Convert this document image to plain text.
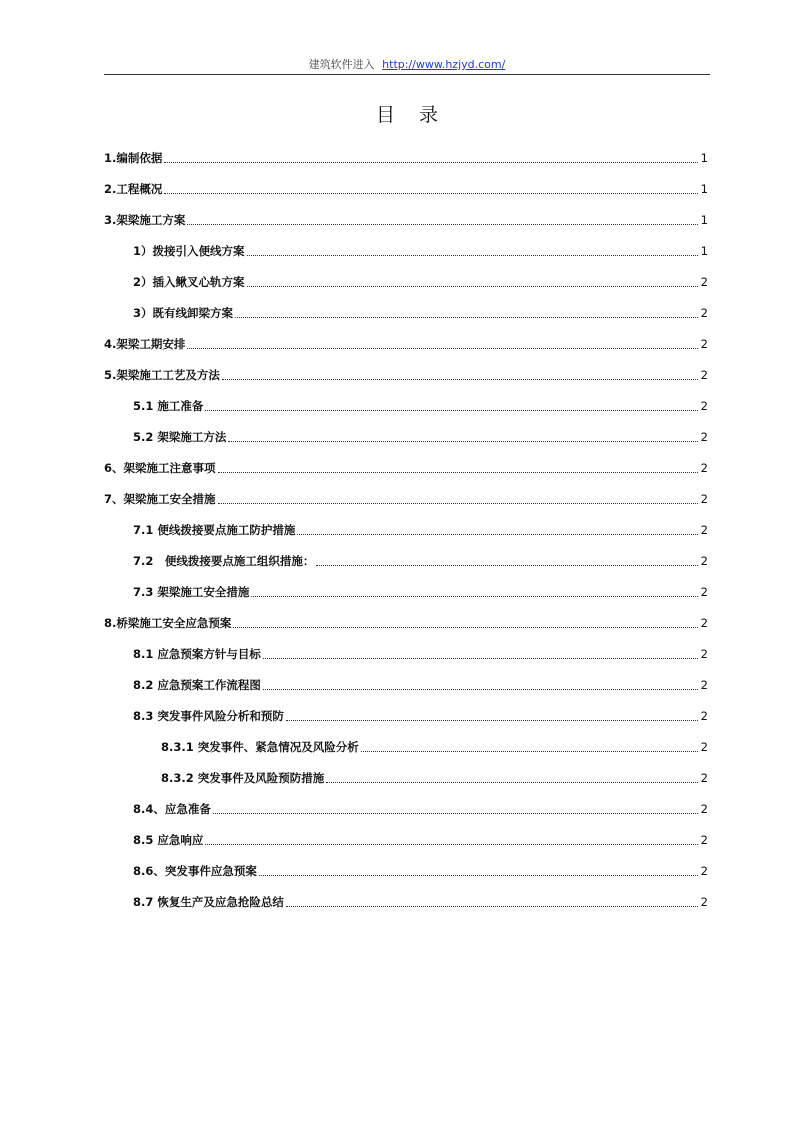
建筑软件进入 http://www.hzjyd.com/
目录
1.编制依据	1
2.工程概况	1
3.架梁施工方案	1
1）拨接引入便线方案	1
2）插入鳅叉心轨方案	2
3）既有线卸梁方案	2
4.架梁工期安排	2
5.架梁施工工艺及方法	2
5.1 施工准备	2
5.2 架梁施工方法	2
6、架梁施工注意事项	2
7、架梁施工安全措施	2
7.1 便线拨接要点施工防护措施	2
7.2　便线拨接要点施工组织措施：	2
7.3 架梁施工安全措施	2
8.桥梁施工安全应急预案	2
8.1 应急预案方针与目标	2
8.2 应急预案工作流程图	2
8.3 突发事件风险分析和预防	2
8.3.1 突发事件、紧急情况及风险分析	2
8.3.2 突发事件及风险预防措施	2
8.4、应急准备	2
8.5 应急响应	2
8.6、突发事件应急预案	2
8.7 恢复生产及应急抢险总结	2
